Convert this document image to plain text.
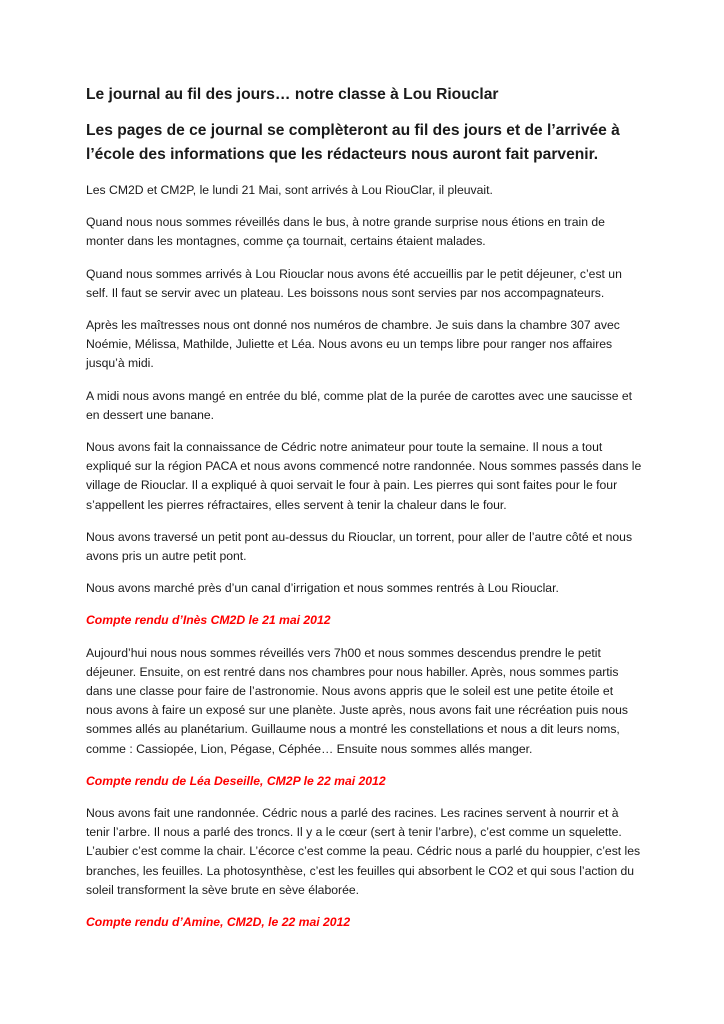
Le journal au fil des jours… notre classe à Lou Riouclar
Les pages de ce journal se complèteront au fil des jours et de l’arrivée à l’école des informations que les rédacteurs nous auront fait parvenir.

Les CM2D et CM2P, le lundi 21 Mai, sont arrivés à Lou RiouClar, il pleuvait.

Quand nous nous sommes réveillés dans le bus, à notre grande surprise nous étions en train de monter dans les montagnes, comme ça tournait, certains étaient malades.

Quand nous sommes arrivés à Lou Riouclar nous avons été accueillis par le petit déjeuner, c’est un self. Il faut se servir avec un plateau. Les boissons nous sont servies par nos accompagnateurs.

Après les maîtresses nous ont donné nos numéros de chambre. Je suis dans la chambre 307 avec Noémie, Mélissa, Mathilde, Juliette et Léa. Nous avons eu un temps libre pour ranger nos affaires jusqu’à midi.

A midi nous avons mangé en entrée du blé, comme plat de la purée de carottes avec une saucisse et en dessert une banane.

Nous avons fait la connaissance de Cédric notre animateur pour toute la semaine. Il nous a tout expliqué sur la région PACA et nous avons commencé notre randonnée. Nous sommes passés dans le village de Riouclar. Il a expliqué à quoi servait le four à pain. Les pierres qui sont faites pour le four s’appellent les pierres réfractaires, elles servent à tenir la chaleur dans le four.

Nous avons traversé un petit pont au-dessus du Riouclar, un torrent, pour aller de l’autre côté et nous avons pris un autre petit pont.

Nous avons marché près d’un canal d’irrigation et nous sommes rentrés à Lou Riouclar.

Compte rendu d’Inès CM2D le 21 mai 2012

Aujourd’hui nous nous sommes réveillés vers 7h00 et nous sommes descendus prendre le petit déjeuner. Ensuite, on est rentré dans nos chambres pour nous habiller. Après, nous sommes partis dans une classe pour faire de l’astronomie. Nous avons appris que le soleil est une petite étoile et nous avons à faire un exposé sur une planète. Juste après, nous avons fait une récréation puis nous sommes allés au planétarium. Guillaume nous a montré les constellations et nous a dit leurs noms, comme : Cassiopée, Lion, Pégase, Céphée… Ensuite nous sommes allés manger.

Compte rendu de Léa Deseille, CM2P le 22 mai 2012

Nous avons fait une randonnée. Cédric nous a parlé des racines. Les racines servent à nourrir et à tenir l’arbre. Il nous a parlé des troncs. Il y a le cœur (sert à tenir l’arbre), c’est comme un squelette. L’aubier c’est comme la chair. L’écorce c’est comme la peau. Cédric nous a parlé du houppier, c’est les branches, les feuilles. La photosynthèse, c’est les feuilles qui absorbent le CO2 et qui sous l’action du soleil transforment la sève brute en sève élaborée.

Compte rendu d’Amine, CM2D, le 22 mai 2012
